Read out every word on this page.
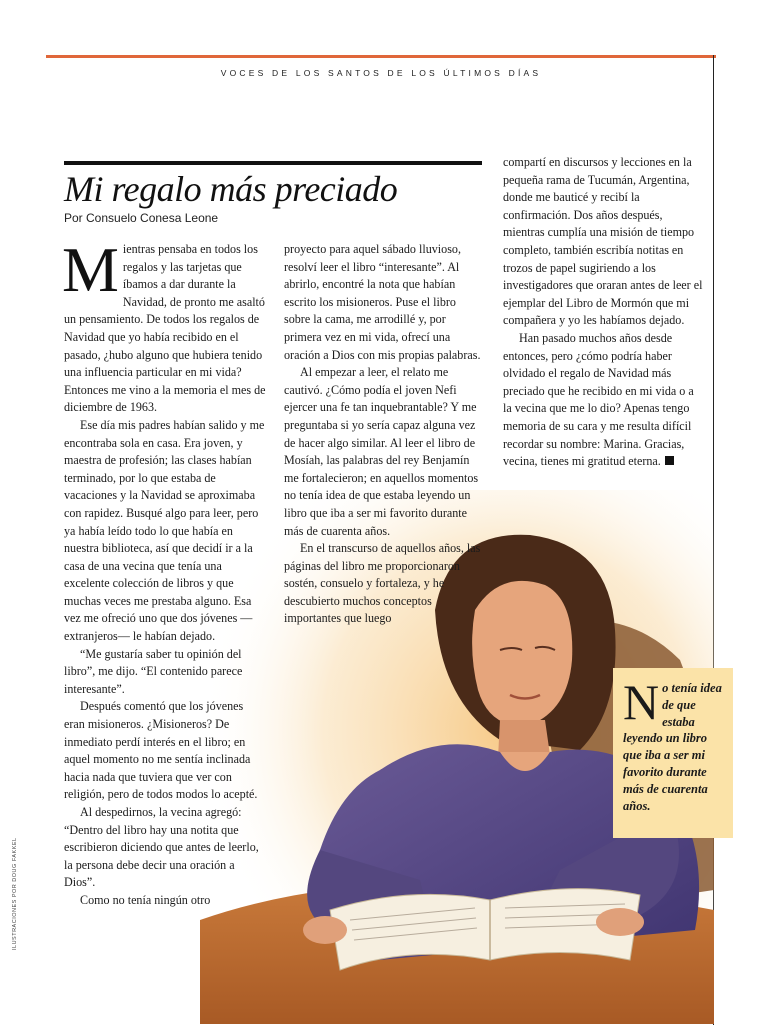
VOCES DE LOS SANTOS DE LOS ÚLTIMOS DÍAS
Mi regalo más preciado
Por Consuelo Conesa Leone

Mientras pensaba en todos los regalos y las tarjetas que íbamos a dar durante la Navidad, de pronto me asaltó un pensamiento. De todos los regalos de Navidad que yo había recibido en el pasado, ¿hubo alguno que hubiera tenido una influencia particular en mi vida? Entonces me vino a la memoria el mes de diciembre de 1963.

Ese día mis padres habían salido y me encontraba sola en casa. Era joven, y maestra de profesión; las clases habían terminado, por lo que estaba de vacaciones y la Navidad se aproximaba con rapidez. Busqué algo para leer, pero ya había leído todo lo que había en nuestra biblioteca, así que decidí ir a la casa de una vecina que tenía una excelente colección de libros y que muchas veces me prestaba alguno. Esa vez me ofreció uno que dos jóvenes —extranjeros— le habían dejado.

“Me gustaría saber tu opinión del libro”, me dijo. “El contenido parece interesante”.

Después comentó que los jóvenes eran misioneros. ¿Misioneros? De inmediato perdí interés en el libro; en aquel momento no me sentía inclinada hacia nada que tuviera que ver con religión, pero de todos modos lo acepté.

Al despedirnos, la vecina agregó: “Dentro del libro hay una notita que escribieron diciendo que antes de leerlo, la persona debe decir una oración a Dios”.

Como no tenía ningún otro

proyecto para aquel sábado lluvioso, resolví leer el libro “interesante”. Al abrirlo, encontré la nota que habían escrito los misioneros. Puse el libro sobre la cama, me arrodillé y, por primera vez en mi vida, ofrecí una oración a Dios con mis propias palabras.

Al empezar a leer, el relato me cautivó. ¿Cómo podía el joven Nefi ejercer una fe tan inquebrantable? Y me preguntaba si yo sería capaz alguna vez de hacer algo similar. Al leer el libro de Mosíah, las palabras del rey Benjamín me fortalecieron; en aquellos momentos no tenía idea de que estaba leyendo un libro que iba a ser mi favorito durante más de cuarenta años.

En el transcurso de aquellos años, las páginas del libro me proporcionaron sostén, consuelo y fortaleza, y he descubierto muchos conceptos importantes que luego

compartí en discursos y lecciones en la pequeña rama de Tucumán, Argentina, donde me bauticé y recibí la confirmación. Dos años después, mientras cumplía una misión de tiempo completo, también escribía notitas en trozos de papel sugiriendo a los investigadores que oraran antes de leer el ejemplar del Libro de Mormón que mi compañera y yo les habíamos dejado.

Han pasado muchos años desde entonces, pero ¿cómo podría haber olvidado el regalo de Navidad más preciado que he recibido en mi vida o a la vecina que me lo dio? Apenas tengo memoria de su cara y me resulta difícil recordar su nombre: Marina. Gracias, vecina, tienes mi gratitud eterna.

No tenía idea de que estaba leyendo un libro que iba a ser mi favorito durante más de cuarenta años.
ILUSTRACIONES POR DOUG FAKKEL
